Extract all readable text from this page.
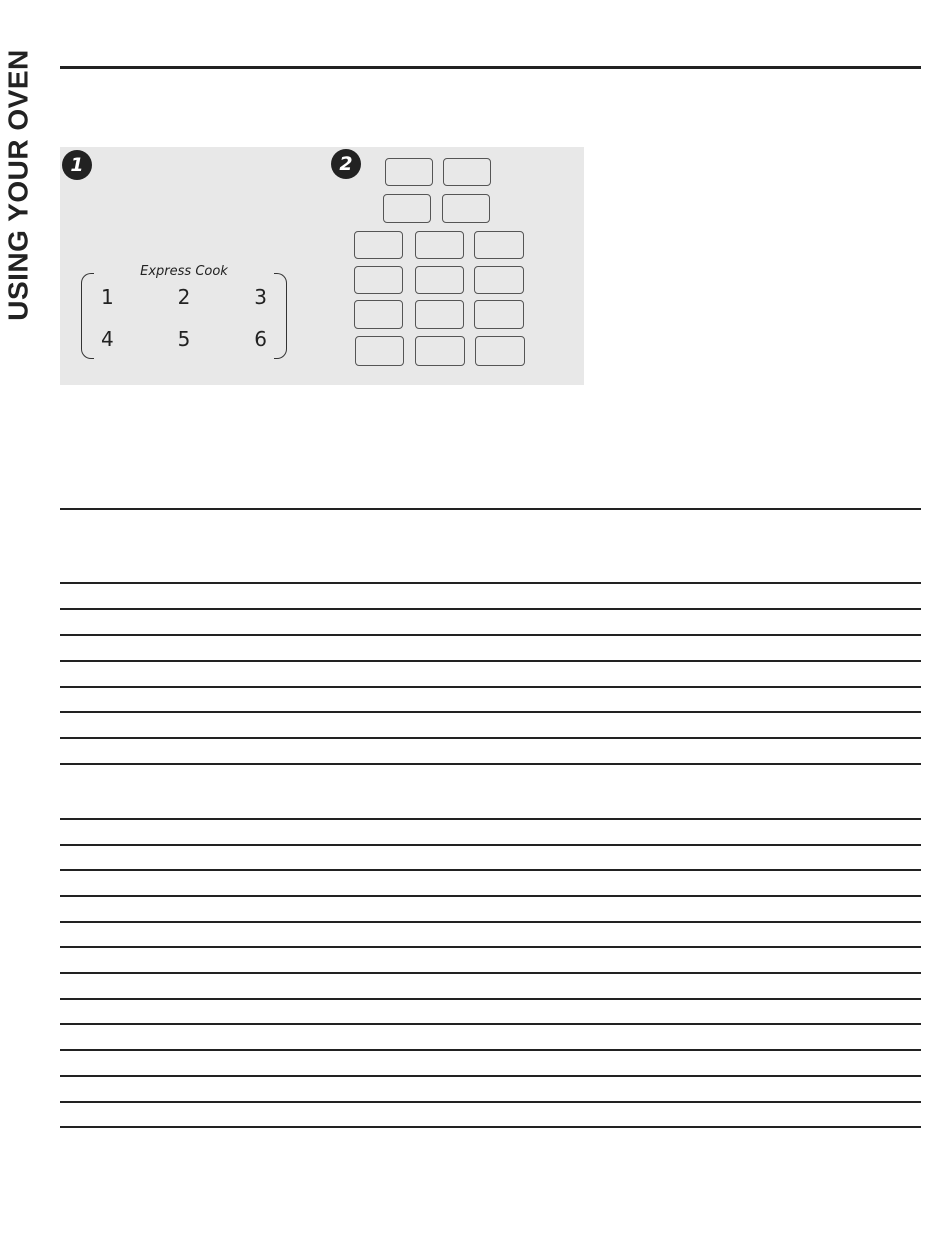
USING YOUR OVEN	1	2
Express Cook
1	2	3
4	5	6
